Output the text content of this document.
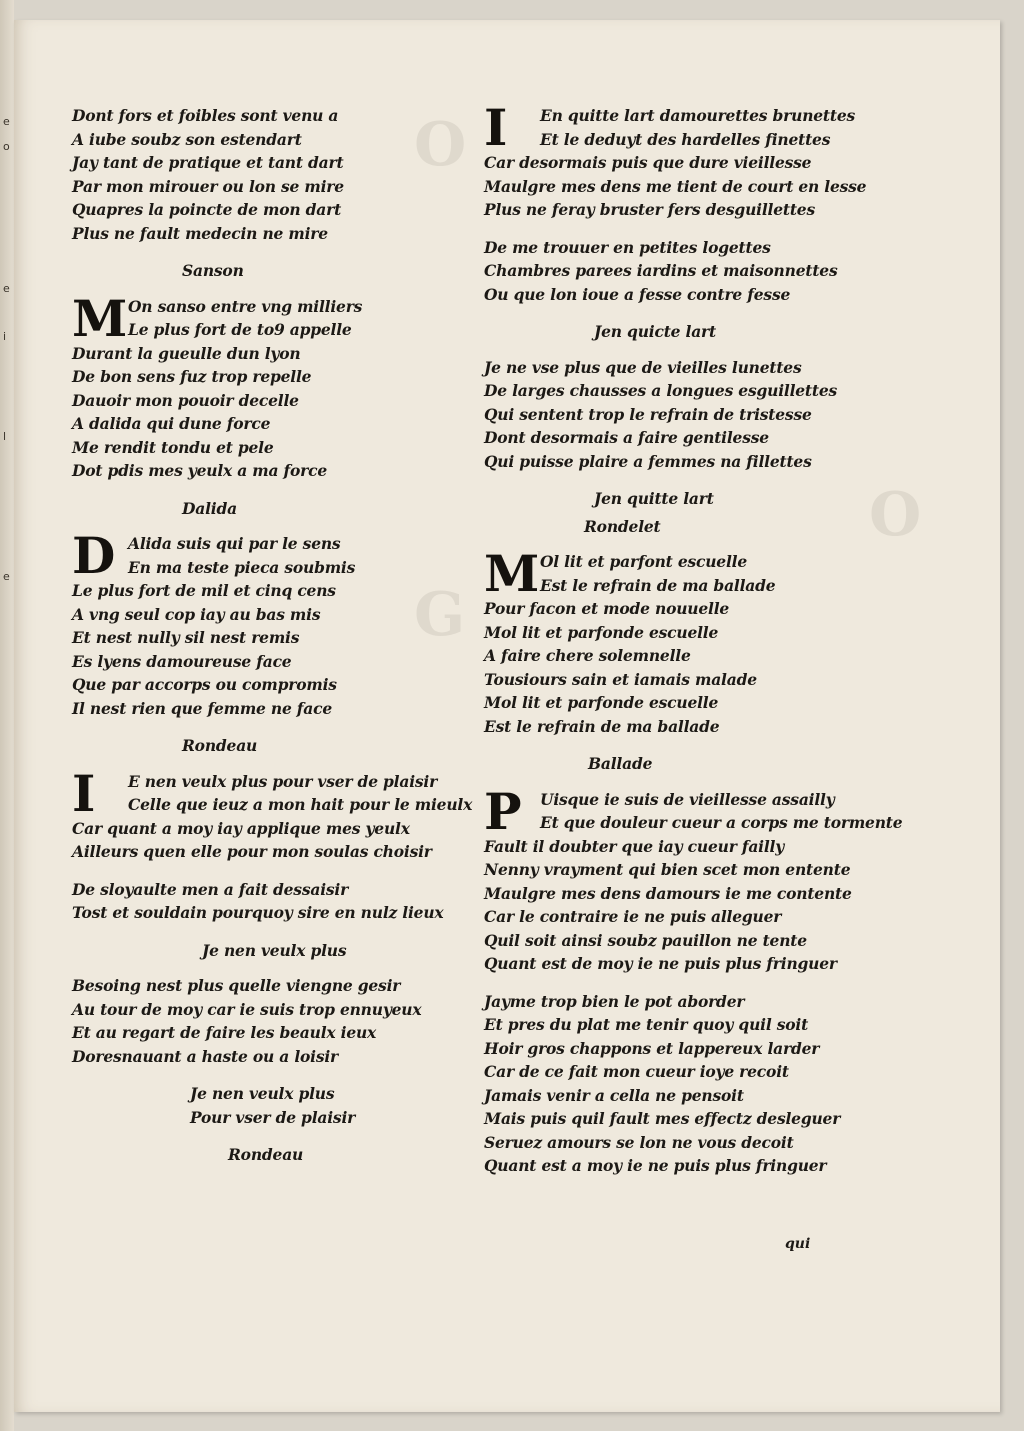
e
o
e
i
l
e
O
G
O
Dont fors et foibles sont venu a
A iube soubz son estendart
Jay tant de pratique et tant dart
Par mon mirouer ou lon se mire
Quapres la poincte de mon dart
Plus ne fault medecin ne mire
Sanson
M On sanso entre vng milliers
Le plus fort de to9 appelle
Durant la gueulle dun lyon
De bon sens fuz trop repelle
Dauoir mon pouoir decelle
A dalida qui dune force
Me rendit tondu et pele
Dot pdis mes yeulx a ma force
Dalida
D Alida suis qui par le sens
En ma teste pieca soubmis
Le plus fort de mil et cinq cens
A vng seul cop iay au bas mis
Et nest nully sil nest remis
Es lyens damoureuse face
Que par accorps ou compromis
Il nest rien que femme ne face
Rondeau
I	E nen veulx plus pour vser de plaisir
Celle que ieuz a mon hait pour le mieulx
Car quant a moy iay applique mes yeulx
Ailleurs quen elle pour mon soulas choisir
De sloyaulte men a fait dessaisir
Tost et souldain pourquoy sire en nulz lieux
Je nen veulx plus
Besoing nest plus quelle viengne gesir
Au tour de moy car ie suis trop ennuyeux
Et au regart de faire les beaulx ieux
Doresnauant a haste ou a loisir
Je nen veulx plus
Pour vser de plaisir
Rondeau
I	En quitte lart damourettes brunettes
Et le deduyt des hardelles finettes
Car desormais puis que dure vieillesse
Maulgre mes dens me tient de court en lesse
Plus ne feray bruster fers desguillettes
De me trouuer en petites logettes
Chambres parees iardins et maisonnettes
Ou que lon ioue a fesse contre fesse
Jen quicte lart
Je ne vse plus que de vieilles lunettes
De larges chausses a longues esguillettes
Qui sentent trop le refrain de tristesse
Dont desormais a faire gentilesse
Qui puisse plaire a femmes na fillettes
Jen quitte lart
Rondelet
M Ol lit et parfont escuelle
Est le refrain de ma ballade
Pour facon et mode nouuelle
Mol lit et parfonde escuelle
A faire chere solemnelle
Tousiours sain et iamais malade
Mol lit et parfonde escuelle
Est le refrain de ma ballade
Ballade
P	Uisque ie suis de vieillesse assailly
Et que douleur cueur a corps me tormente
Fault il doubter que iay cueur failly
Nenny vrayment qui bien scet mon entente
Maulgre mes dens damours ie me contente
Car le contraire ie ne puis alleguer
Quil soit ainsi soubz pauillon ne tente
Quant est de moy ie ne puis plus fringuer
Jayme trop bien le pot aborder
Et pres du plat me tenir quoy quil soit
Hoir gros chappons et lappereux larder
Car de ce fait mon cueur ioye recoit
Jamais venir a cella ne pensoit
Mais puis quil fault mes effectz desleguer
Seruez amours se lon ne vous decoit
Quant est a moy ie ne puis plus fringuer
qui
